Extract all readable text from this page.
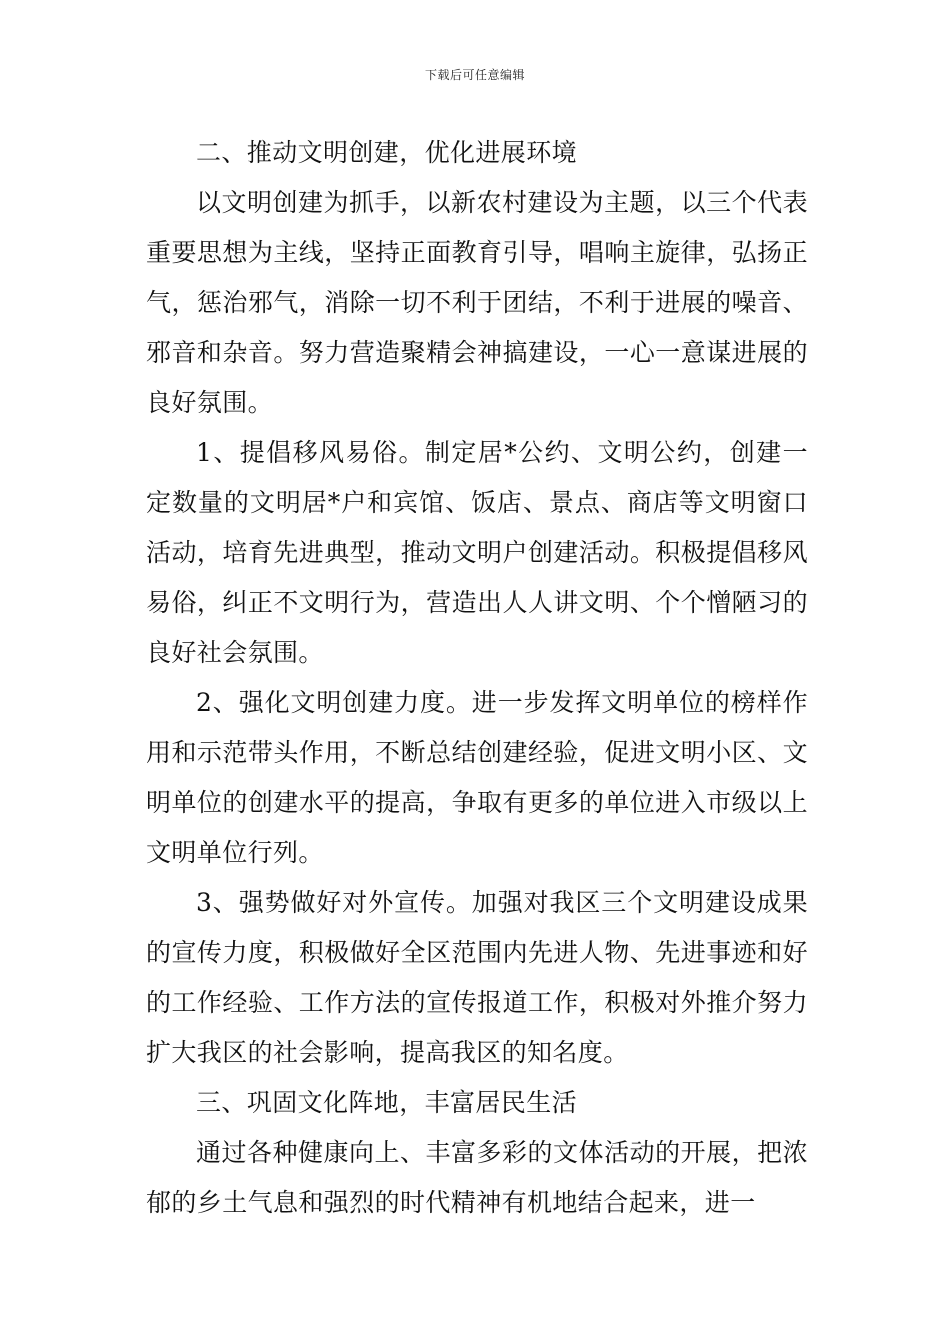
下载后可任意编辑

二、推动文明创建，优化进展环境

以文明创建为抓手，以新农村建设为主题，以三个代表重要思想为主线，坚持正面教育引导，唱响主旋律，弘扬正气，惩治邪气，消除一切不利于团结，不利于进展的噪音、邪音和杂音。努力营造聚精会神搞建设，一心一意谋进展的良好氛围。

1、提倡移风易俗。制定居*公约、文明公约，创建一定数量的文明居*户和宾馆、饭店、景点、商店等文明窗口活动，培育先进典型，推动文明户创建活动。积极提倡移风易俗，纠正不文明行为，营造出人人讲文明、个个憎陋习的良好社会氛围。

2、强化文明创建力度。进一步发挥文明单位的榜样作用和示范带头作用，不断总结创建经验，促进文明小区、文明单位的创建水平的提高，争取有更多的单位进入市级以上文明单位行列。

3、强势做好对外宣传。加强对我区三个文明建设成果的宣传力度，积极做好全区范围内先进人物、先进事迹和好的工作经验、工作方法的宣传报道工作，积极对外推介努力扩大我区的社会影响，提高我区的知名度。

三、巩固文化阵地，丰富居民生活

通过各种健康向上、丰富多彩的文体活动的开展，把浓郁的乡土气息和强烈的时代精神有机地结合起来，进一
